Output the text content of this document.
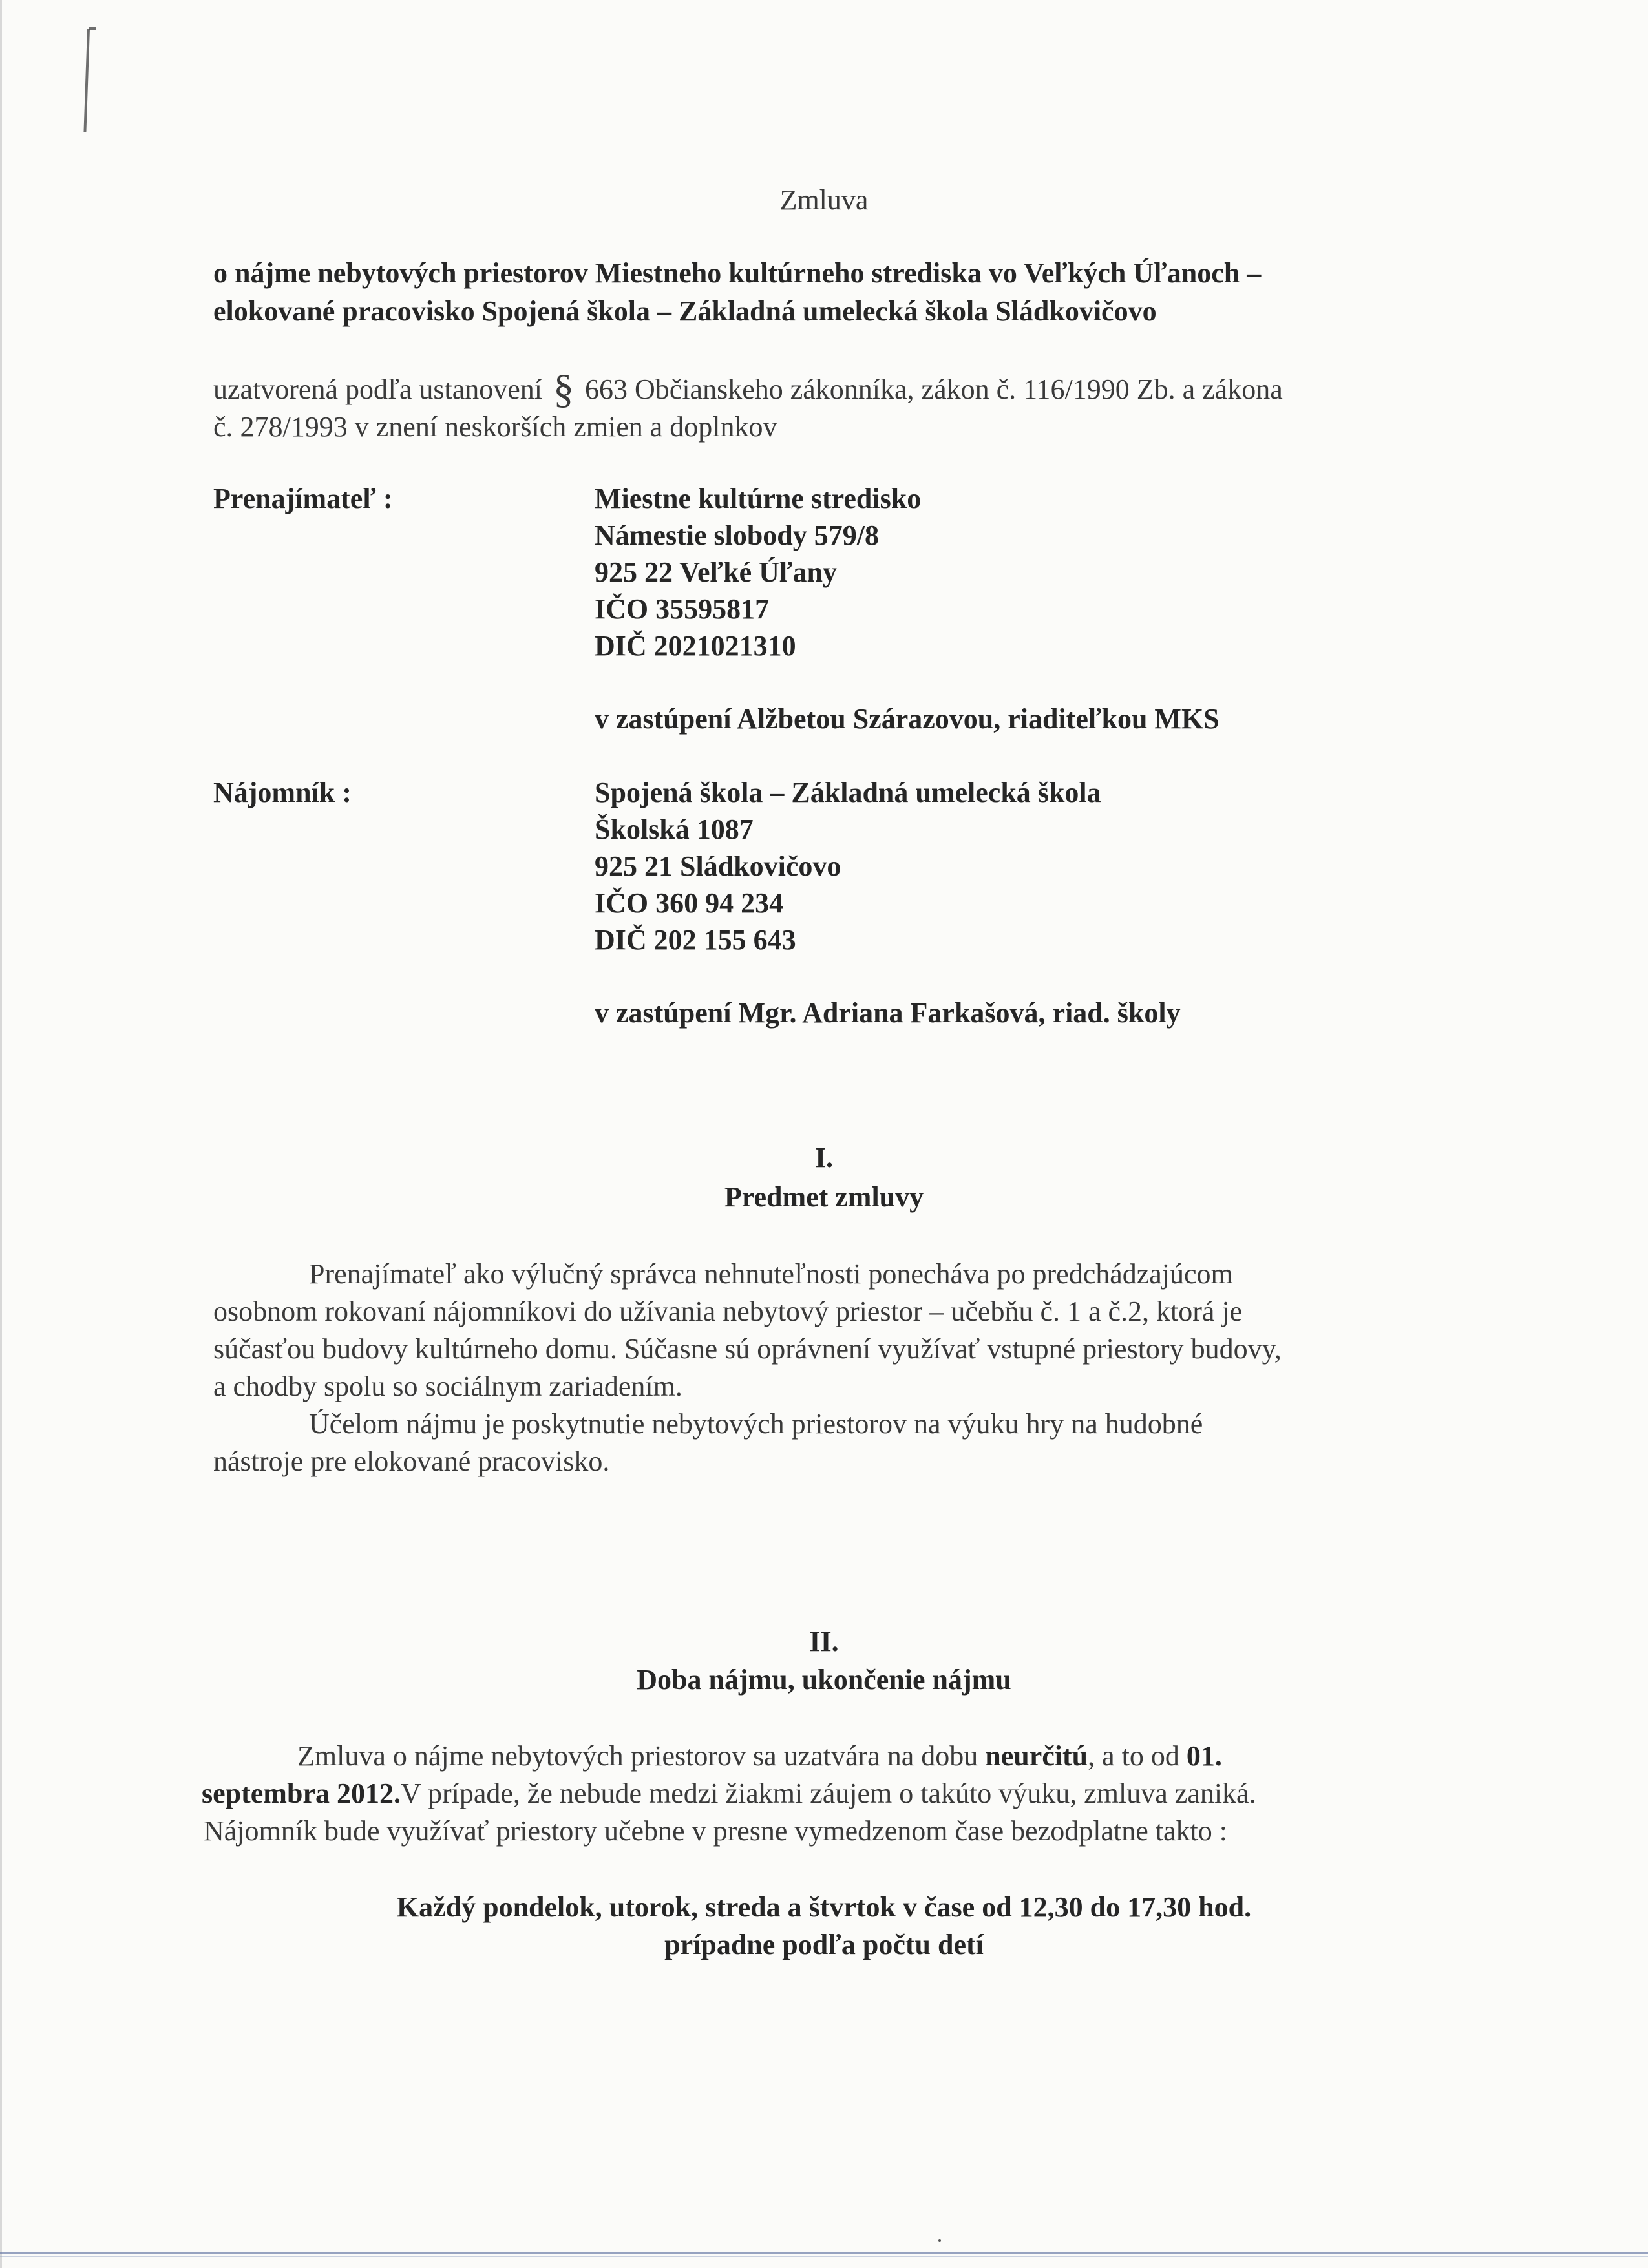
Zmluva
o nájme nebytových priestorov Miestneho kultúrneho strediska vo Veľkých Úľanoch –
elokované pracovisko Spojená škola – Základná umelecká škola Sládkovičovo
uzatvorená podľa ustanovení § 663 Občianskeho zákonníka, zákon č. 116/1990 Zb. a zákona
č. 278/1993 v znení neskorších zmien a doplnkov
Prenajímateľ :	Miestne kultúrne stredisko
Námestie slobody 579/8
925 22 Veľké Úľany
IČO 35595817
DIČ 2021021310
v zastúpení Alžbetou Szárazovou, riaditeľkou MKS
Nájomník :	Spojená škola – Základná umelecká škola
Školská 1087
925 21 Sládkovičovo
IČO 360 94 234
DIČ 202 155 643
v zastúpení Mgr. Adriana Farkašová, riad. školy
I.
Predmet zmluvy
Prenajímateľ ako výlučný správca nehnuteľnosti ponecháva po predchádzajúcom
osobnom rokovaní nájomníkovi do užívania nebytový priestor – učebňu č. 1 a č.2, ktorá je
súčasťou budovy kultúrneho domu. Súčasne sú oprávnení využívať vstupné priestory budovy,
a chodby spolu so sociálnym zariadením.
Účelom nájmu je poskytnutie nebytových priestorov na výuku hry na hudobné
nástroje pre elokované pracovisko.
II.
Doba nájmu, ukončenie nájmu
Zmluva o nájme nebytových priestorov sa uzatvára na dobu neurčitú, a to od 01.
septembra 2012.V prípade, že nebude medzi žiakmi záujem o takúto výuku, zmluva zaniká.
Nájomník bude využívať priestory učebne v presne vymedzenom čase bezodplatne takto :
Každý pondelok, utorok, streda a štvrtok v čase od 12,30 do 17,30 hod.
prípadne podľa počtu detí
